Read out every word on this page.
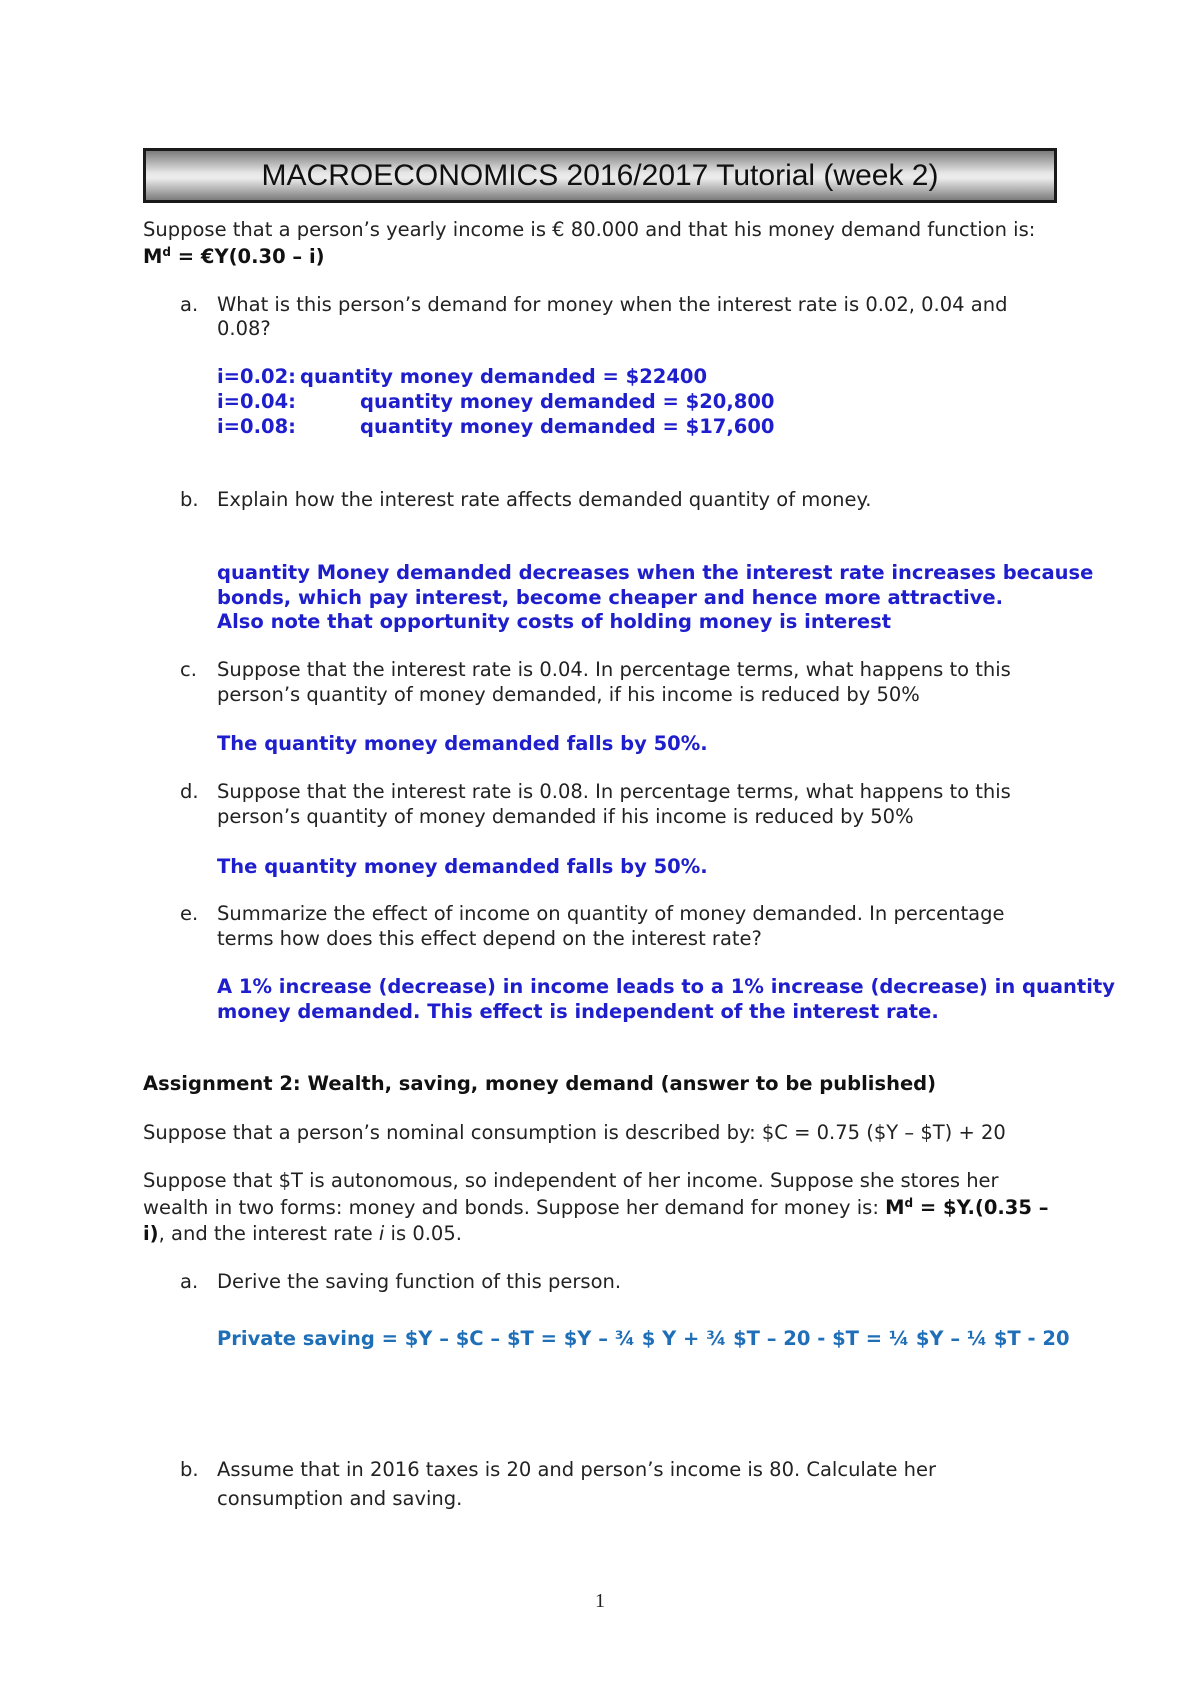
MACROECONOMICS 2016/2017 Tutorial (week 2)
Suppose that a person’s yearly income is € 80.000 and that his money demand function is:
$M^d$ = €Y(0.30 – i)
a. What is this person’s demand for money when the interest rate is 0.02, 0.04 and
0.08?
i=0.02: quantity money demanded = $22400
i=0.04:	quantity money demanded = $20,800
i=0.08:	quantity money demanded = $17,600
b. Explain how the interest rate affects demanded quantity of money.
quantity Money demanded decreases when the interest rate increases because
bonds, which pay interest, become cheaper and hence more attractive.
Also note that opportunity costs of holding money is interest
c. Suppose that the interest rate is 0.04. In percentage terms, what happens to this
person’s quantity of money demanded, if his income is reduced by 50%
The quantity money demanded falls by 50%.
d. Suppose that the interest rate is 0.08. In percentage terms, what happens to this
person’s quantity of money demanded if his income is reduced by 50%
The quantity money demanded falls by 50%.
e. Summarize the effect of income on quantity of money demanded. In percentage
terms how does this effect depend on the interest rate?
A 1% increase (decrease) in income leads to a 1% increase (decrease) in quantity
money demanded. This effect is independent of the interest rate.
Assignment 2: Wealth, saving, money demand (answer to be published)
Suppose that a person’s nominal consumption is described by: $C = 0.75 ($Y – $T) + 20
Suppose that $T is autonomous, so independent of her income. Suppose she stores her
wealth in two forms: money and bonds. Suppose her demand for money is: $M^d$ = $Y.(0.35 –
i), and the interest rate i is 0.05.
a. Derive the saving function of this person.
Private saving = $Y – $C – $T = $Y – ¾ $ Y + ¾ $T – 20 - $T = ¼ $Y – ¼ $T - 20
b. Assume that in 2016 taxes is 20 and person’s income is 80. Calculate her
consumption and saving.
1
